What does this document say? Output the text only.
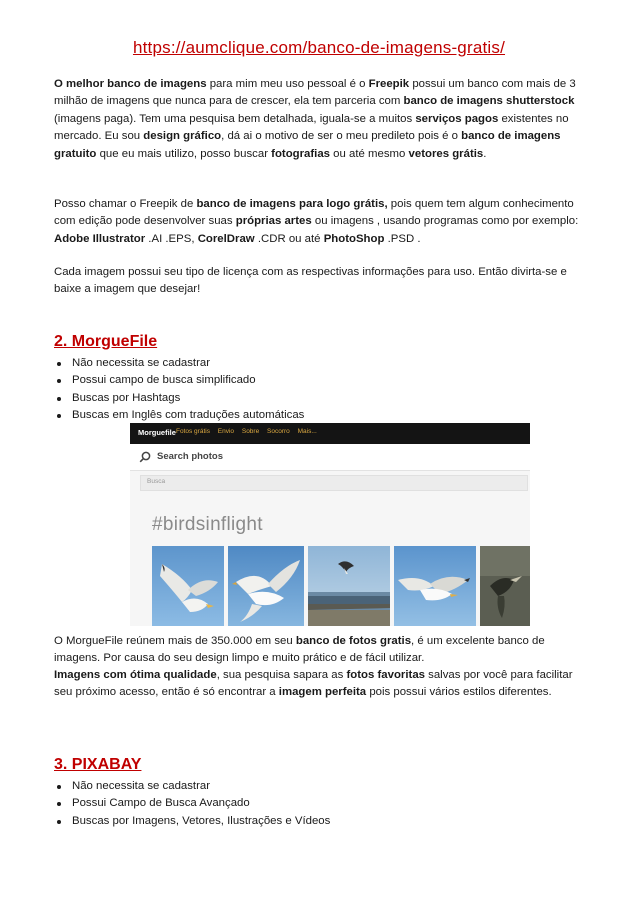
https://aumclique.com/banco-de-imagens-gratis/
O melhor banco de imagens para mim meu uso pessoal é o Freepik possui um banco com mais de 3 milhão de imagens que nunca para de crescer, ela tem parceria com banco de imagens shutterstock (imagens paga). Tem uma pesquisa bem detalhada, iguala-se a muitos serviços pagos existentes no mercado. Eu sou design gráfico, dá ai o motivo de ser o meu predileto pois é o banco de imagens gratuito que eu mais utilizo, posso buscar fotografias ou até mesmo vetores grátis.
Posso chamar o Freepik de banco de imagens para logo grátis, pois quem tem algum conhecimento com edição pode desenvolver suas próprias artes ou imagens , usando programas como por exemplo: Adobe Illustrator .AI .EPS, CorelDraw .CDR ou até PhotoShop .PSD .
Cada imagem possui seu tipo de licença com as respectivas informações para uso. Então divirta-se e baixe a imagem que desejar!
2. MorgueFile
Não necessita se cadastrar
Possui campo de busca simplificado
Buscas por Hashtags
Buscas em Inglês com traduções automáticas
Morguefile Fotos grátis Envio Sobre Socorro Mais...
Search photos
Busca
#birdsinflight
O MorgueFile reúnem mais de 350.000 em seu banco de fotos gratis, é um excelente banco de imagens. Por causa do seu design limpo e muito prático e de fácil utilizar.
Imagens com ótima qualidade, sua pesquisa sapara as fotos favoritas salvas por você para facilitar seu próximo acesso, então é só encontrar a imagem perfeita pois possui vários estilos diferentes.
3. PIXABAY
Não necessita se cadastrar
Possui Campo de Busca Avançado
Buscas por Imagens, Vetores, Ilustrações e Vídeos
